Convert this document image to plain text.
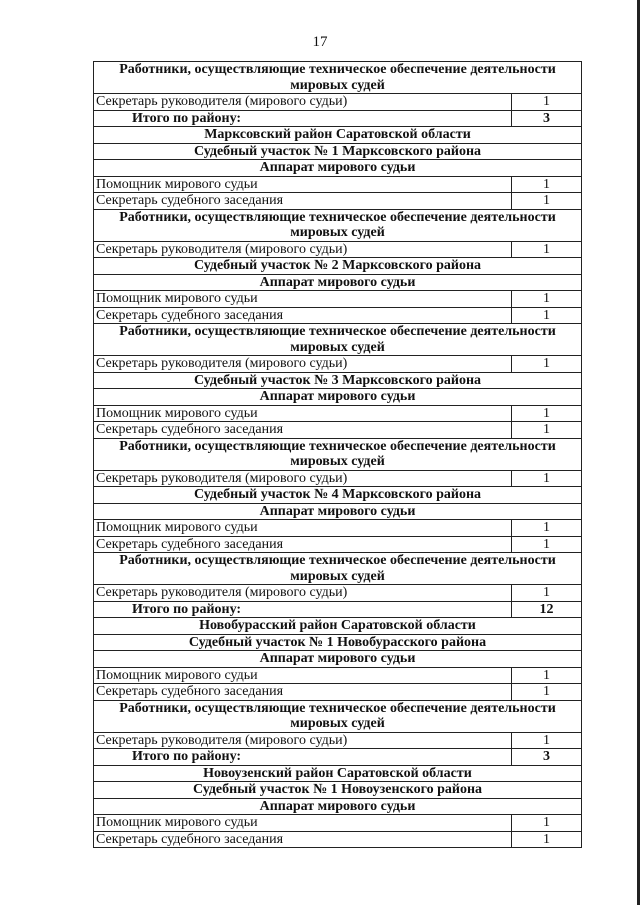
17
Работники, осуществляющие техническое обеспечение деятельности мировых судей	
Секретарь руководителя (мирового судьи)	1
Итого по району:	3
Марксовский район Саратовской области	
Судебный участок № 1 Марксовского района	
Аппарат мирового судьи	
Помощник мирового судьи	1
Секретарь судебного заседания	1
Работники, осуществляющие техническое обеспечение деятельности мировых судей	
Секретарь руководителя (мирового судьи)	1
Судебный участок № 2 Марксовского района	
Аппарат мирового судьи	
Помощник мирового судьи	1
Секретарь судебного заседания	1
Работники, осуществляющие техническое обеспечение деятельности мировых судей	
Секретарь руководителя (мирового судьи)	1
Судебный участок № 3 Марксовского района	
Аппарат мирового судьи	
Помощник мирового судьи	1
Секретарь судебного заседания	1
Работники, осуществляющие техническое обеспечение деятельности мировых судей	
Секретарь руководителя (мирового судьи)	1
Судебный участок № 4 Марксовского района	
Аппарат мирового судьи	
Помощник мирового судьи	1
Секретарь судебного заседания	1
Работники, осуществляющие техническое обеспечение деятельности мировых судей	
Секретарь руководителя (мирового судьи)	1
Итого по району:	12
Новобурасский район Саратовской области	
Судебный участок № 1 Новобурасского района	
Аппарат мирового судьи	
Помощник мирового судьи	1
Секретарь судебного заседания	1
Работники, осуществляющие техническое обеспечение деятельности мировых судей	
Секретарь руководителя (мирового судьи)	1
Итого по району:	3
Новоузенский район Саратовской области	
Судебный участок № 1 Новоузенского района	
Аппарат мирового судьи	
Помощник мирового судьи	1
Секретарь судебного заседания	1
